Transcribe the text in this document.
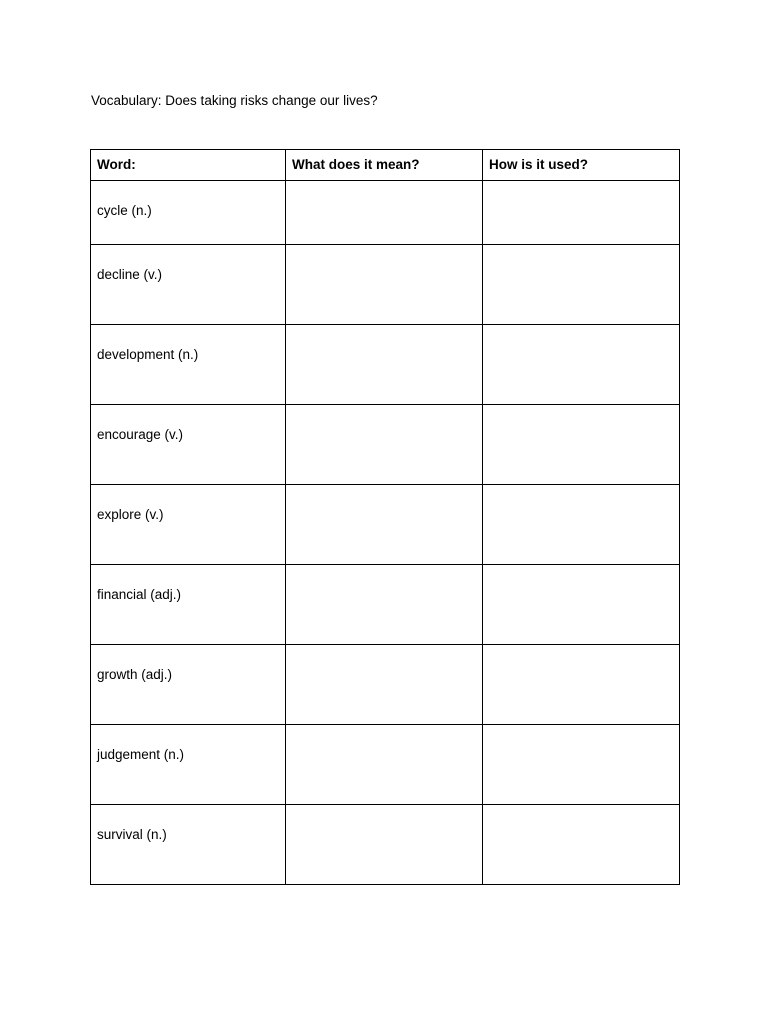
Vocabulary: Does taking risks change our lives?
Word:	What does it mean?	How is it used?
cycle (n.)		
decline (v.)		
development (n.)		
encourage (v.)		
explore (v.)		
financial (adj.)		
growth (adj.)		
judgement (n.)		
survival (n.)		
